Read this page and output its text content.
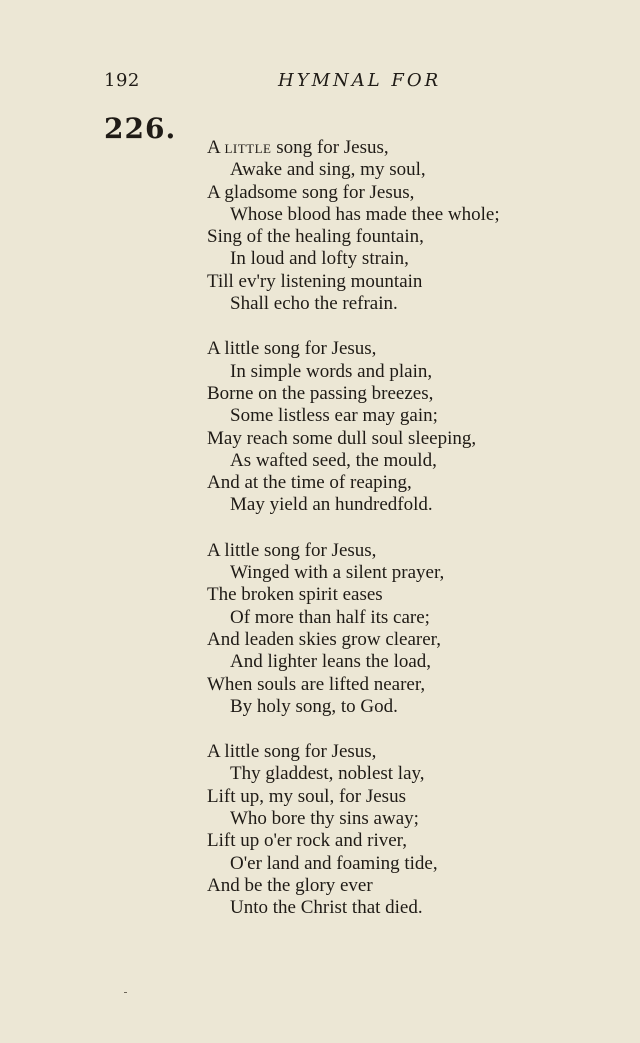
192	HYMNAL FOR
226.
A little song for Jesus,
Awake and sing, my soul,
A gladsome song for Jesus,
Whose blood has made thee whole;
Sing of the healing fountain,
In loud and lofty strain,
Till ev'ry listening mountain
Shall echo the refrain.
A little song for Jesus,
In simple words and plain,
Borne on the passing breezes,
Some listless ear may gain;
May reach some dull soul sleeping,
As wafted seed, the mould,
And at the time of reaping,
May yield an hundredfold.
A little song for Jesus,
Winged with a silent prayer,
The broken spirit eases
Of more than half its care;
And leaden skies grow clearer,
And lighter leans the load,
When souls are lifted nearer,
By holy song, to God.
A little song for Jesus,
Thy gladdest, noblest lay,
Lift up, my soul, for Jesus
Who bore thy sins away;
Lift up o'er rock and river,
O'er land and foaming tide,
And be the glory ever
Unto the Christ that died.
